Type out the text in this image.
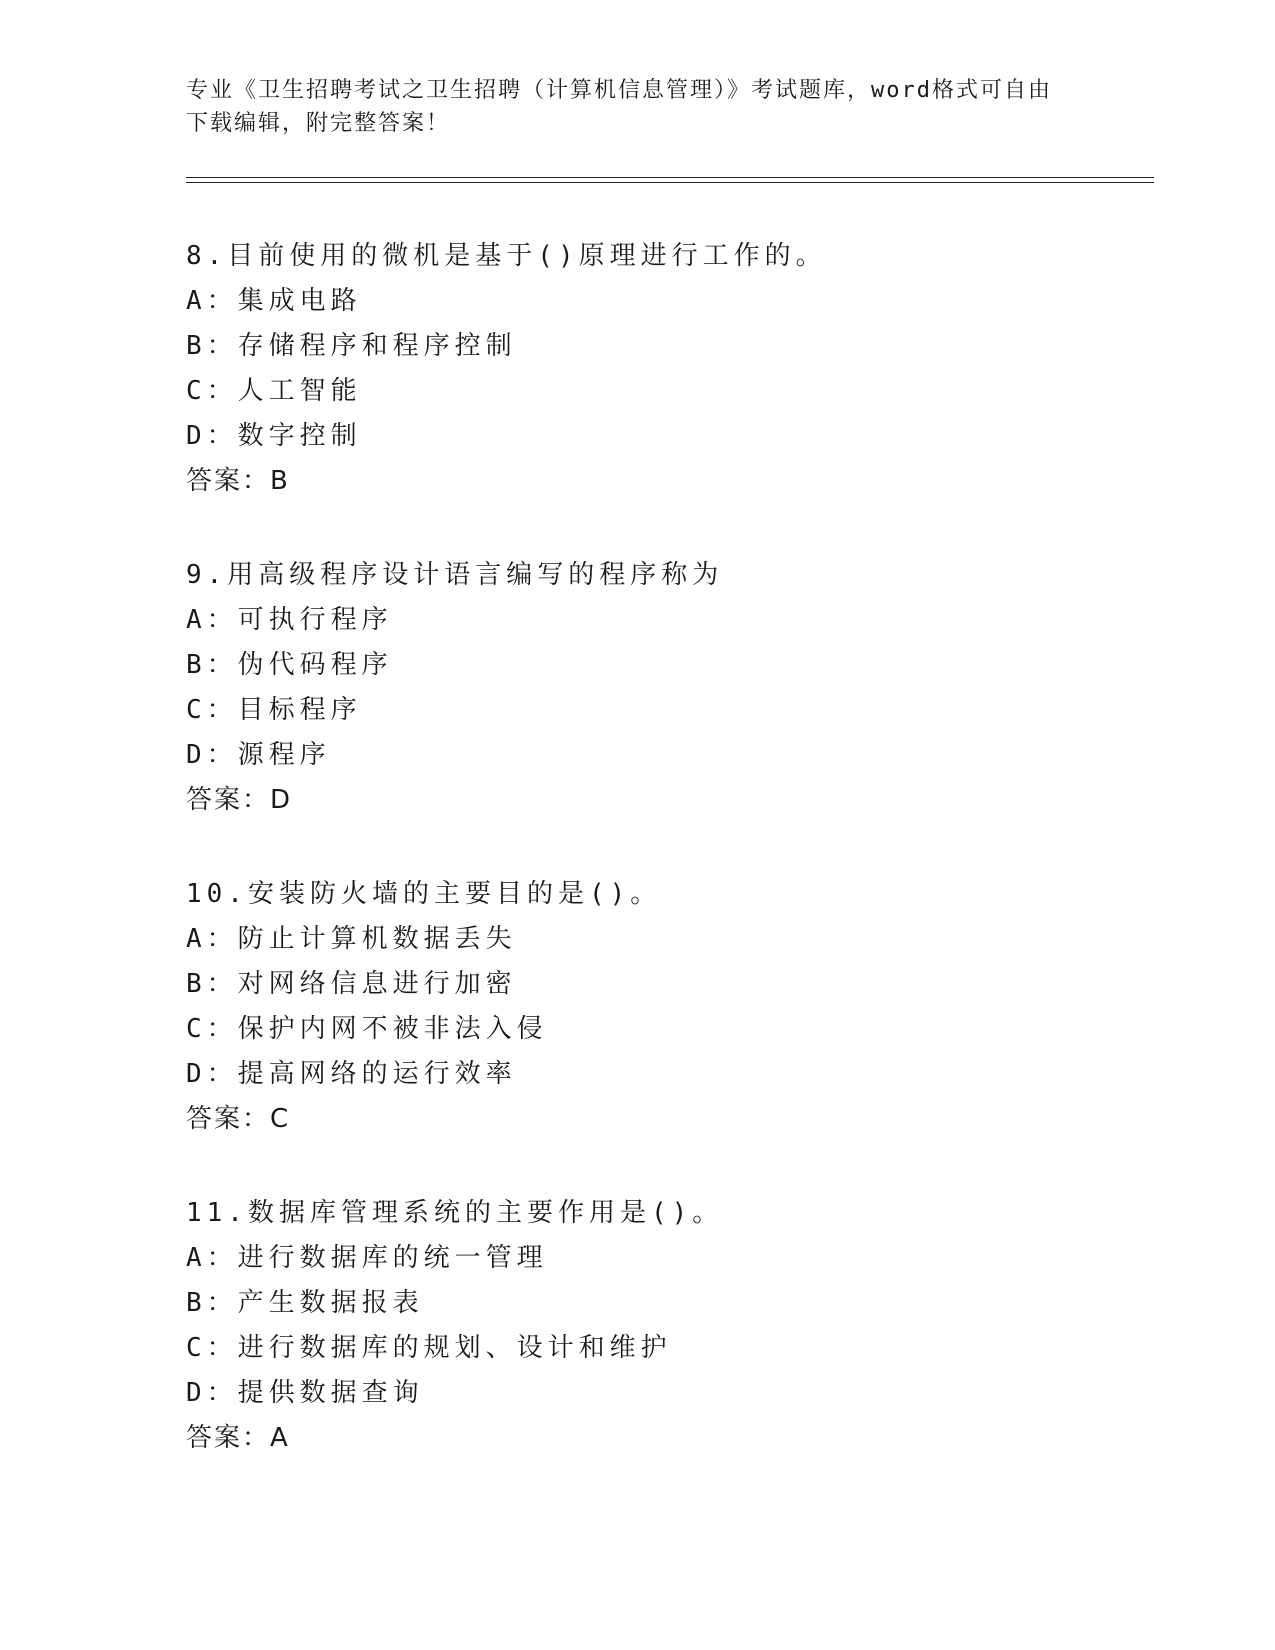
专业《卫生招聘考试之卫生招聘（计算机信息管理）》考试题库，word格式可自由下载编辑，附完整答案！
8.目前使用的微机是基于()原理进行工作的。
A：集成电路
B：存储程序和程序控制
C：人工智能
D：数字控制
答案：B
9.用高级程序设计语言编写的程序称为
A：可执行程序
B：伪代码程序
C：目标程序
D：源程序
答案：D
10.安装防火墙的主要目的是()。
A：防止计算机数据丢失
B：对网络信息进行加密
C：保护内网不被非法入侵
D：提高网络的运行效率
答案：C
11.数据库管理系统的主要作用是()。
A：进行数据库的统一管理
B：产生数据报表
C：进行数据库的规划、设计和维护
D：提供数据查询
答案：A
